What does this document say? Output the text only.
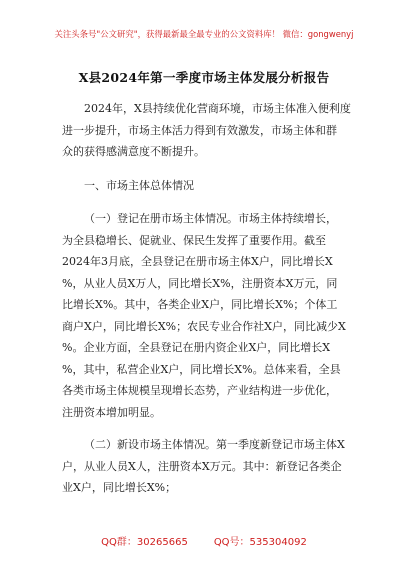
关注头条号"公文研究"，获得最新最全最专业的公文资料库！ 微信：gongwenyj
X县2024年第一季度市场主体发展分析报告
2024年，X县持续优化营商环境，市场主体准入便利度
进一步提升，市场主体活力得到有效激发，市场主体和群
众的获得感满意度不断提升。
一、市场主体总体情况
（一）登记在册市场主体情况。市场主体持续增长，
为全县稳增长、促就业、保民生发挥了重要作用。截至
2024年3月底，全县登记在册市场主体X户，同比增长X
%，从业人员X万人，同比增长X%，注册资本X万元，同
比增长X%。其中，各类企业X户，同比增长X%；个体工
商户X户，同比增长X%；农民专业合作社X户，同比减少X
%。企业方面，全县登记在册内资企业X户，同比增长X
%，其中，私营企业X户，同比增长X%。总体来看，全县
各类市场主体规模呈现增长态势，产业结构进一步优化，
注册资本增加明显。
（二）新设市场主体情况。第一季度新登记市场主体X
户，从业人员X人，注册资本X万元。其中：新登记各类企
业X户，同比增长X%；
QQ群：30265665	QQ号：535304092
